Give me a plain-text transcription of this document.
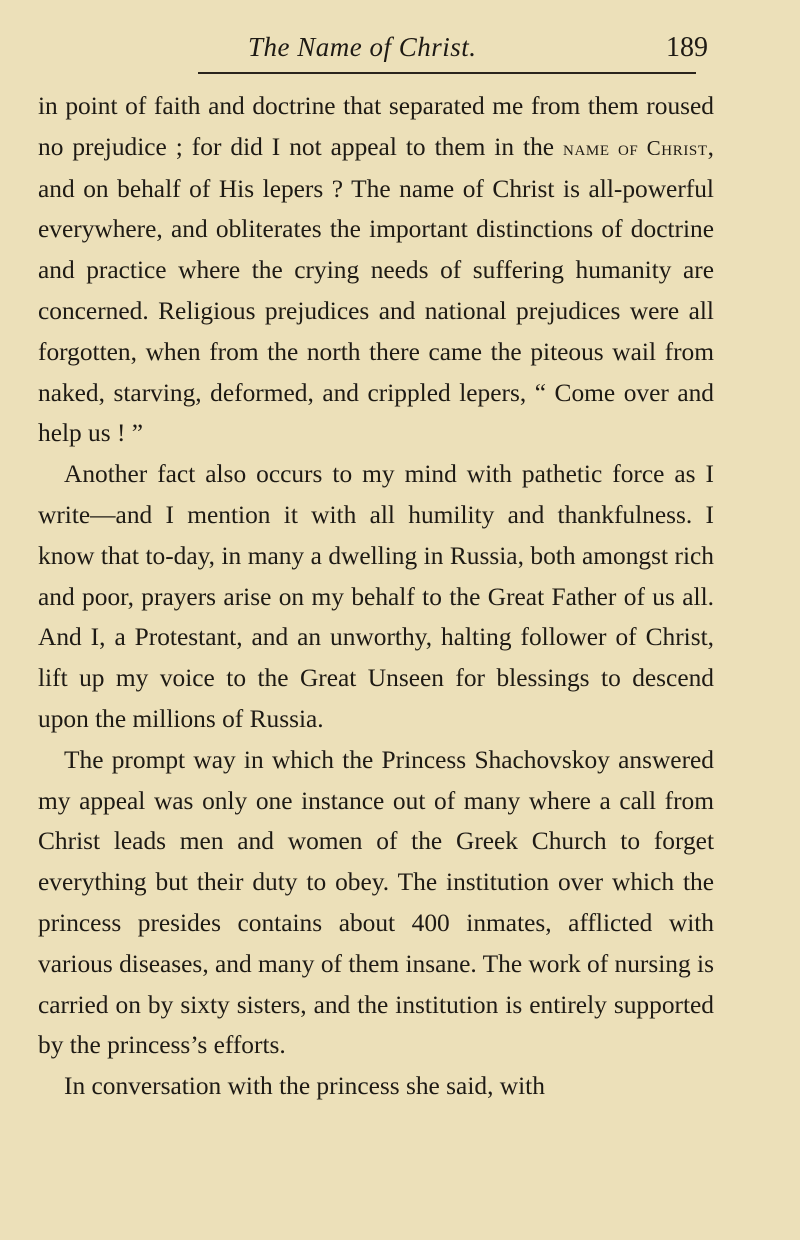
The Name of Christ.	189

in point of faith and doctrine that separated me from them roused no prejudice ; for did I not appeal to them in the name of Christ, and on behalf of His lepers ? The name of Christ is all-powerful everywhere, and obliterates the important distinctions of doctrine and practice where the crying needs of suffering humanity are concerned. Religious prejudices and national prejudices were all forgotten, when from the north there came the piteous wail from naked, starving, deformed, and crippled lepers, “ Come over and help us ! ”

Another fact also occurs to my mind with pathetic force as I write—and I mention it with all humility and thankfulness. I know that to-day, in many a dwelling in Russia, both amongst rich and poor, prayers arise on my behalf to the Great Father of us all. And I, a Protestant, and an unworthy, halting follower of Christ, lift up my voice to the Great Unseen for blessings to descend upon the millions of Russia.

The prompt way in which the Princess Shachovskoy answered my appeal was only one instance out of many where a call from Christ leads men and women of the Greek Church to forget everything but their duty to obey. The institution over which the princess presides contains about 400 inmates, afflicted with various diseases, and many of them insane. The work of nursing is carried on by sixty sisters, and the institution is entirely supported by the princess’s efforts.

In conversation with the princess she said, with
